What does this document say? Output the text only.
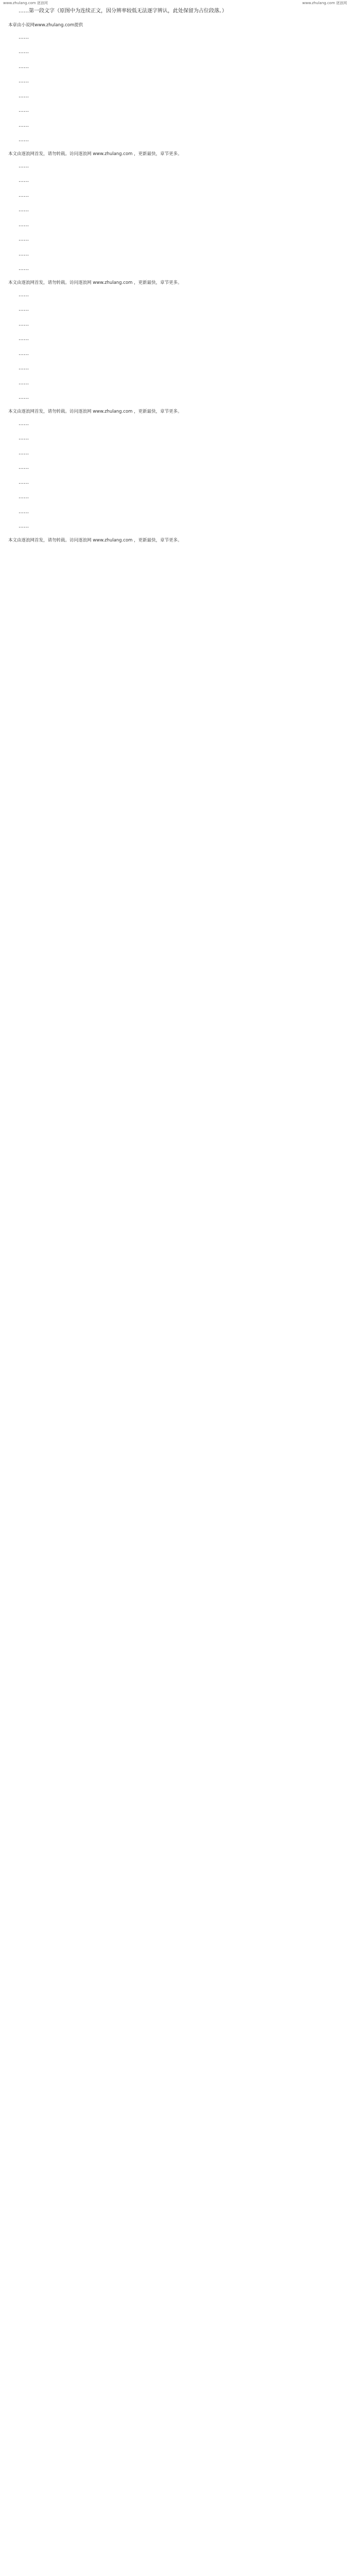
www.zhulang.com 逐浪网	www.zhulang.com 逐浪网
……第一段文字（原图中为连续正文，因分辨率较低无法逐字辨认，此处保留为占位段落。）
本章由小说网www.zhulang.com提供
……
……
……
……
……
……
……
……
本文由逐浪网首发，请勿转载。访问逐浪网 www.zhulang.com ，更新最快，章节更多。
……
……
……
……
……
……
……
……
本文由逐浪网首发，请勿转载。访问逐浪网 www.zhulang.com ，更新最快，章节更多。
……
……
……
……
……
……
……
……
本文由逐浪网首发，请勿转载。访问逐浪网 www.zhulang.com ，更新最快，章节更多。
……
……
……
……
……
……
……
……
本文由逐浪网首发，请勿转载。访问逐浪网 www.zhulang.com ，更新最快，章节更多。
